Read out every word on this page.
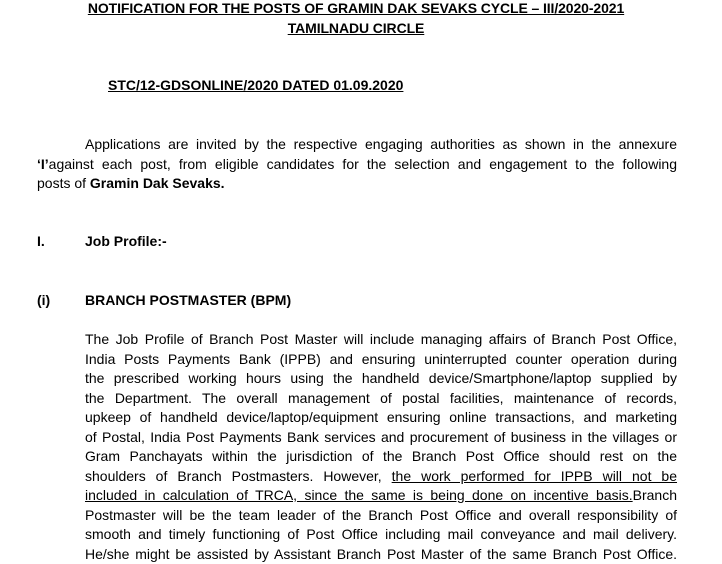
NOTIFICATION FOR THE POSTS OF GRAMIN DAK SEVAKS CYCLE – III/2020-2021
TAMILNADU CIRCLE
STC/12-GDSONLINE/2020 DATED 01.09.2020
Applications are invited by the respective engaging authorities as shown in the annexure
‘I’against each post, from eligible candidates for the selection and engagement to the following
posts of Gramin Dak Sevaks.
I.	Job Profile:-
(i) BRANCH POSTMASTER (BPM)
The Job Profile of Branch Post Master will include managing affairs of Branch Post Office,
India Posts Payments Bank (IPPB) and ensuring uninterrupted counter operation during
the prescribed working hours using the handheld device/Smartphone/laptop supplied by
the Department. The overall management of postal facilities, maintenance of records,
upkeep of handheld device/laptop/equipment ensuring online transactions, and marketing
of Postal, India Post Payments Bank services and procurement of business in the villages or
Gram Panchayats within the jurisdiction of the Branch Post Office should rest on the
shoulders of Branch Postmasters. However, the work performed for IPPB will not be
included in calculation of TRCA, since the same is being done on incentive basis.Branch
Postmaster will be the team leader of the Branch Post Office and overall responsibility of
smooth and timely functioning of Post Office including mail conveyance and mail delivery.
He/she might be assisted by Assistant Branch Post Master of the same Branch Post Office.
